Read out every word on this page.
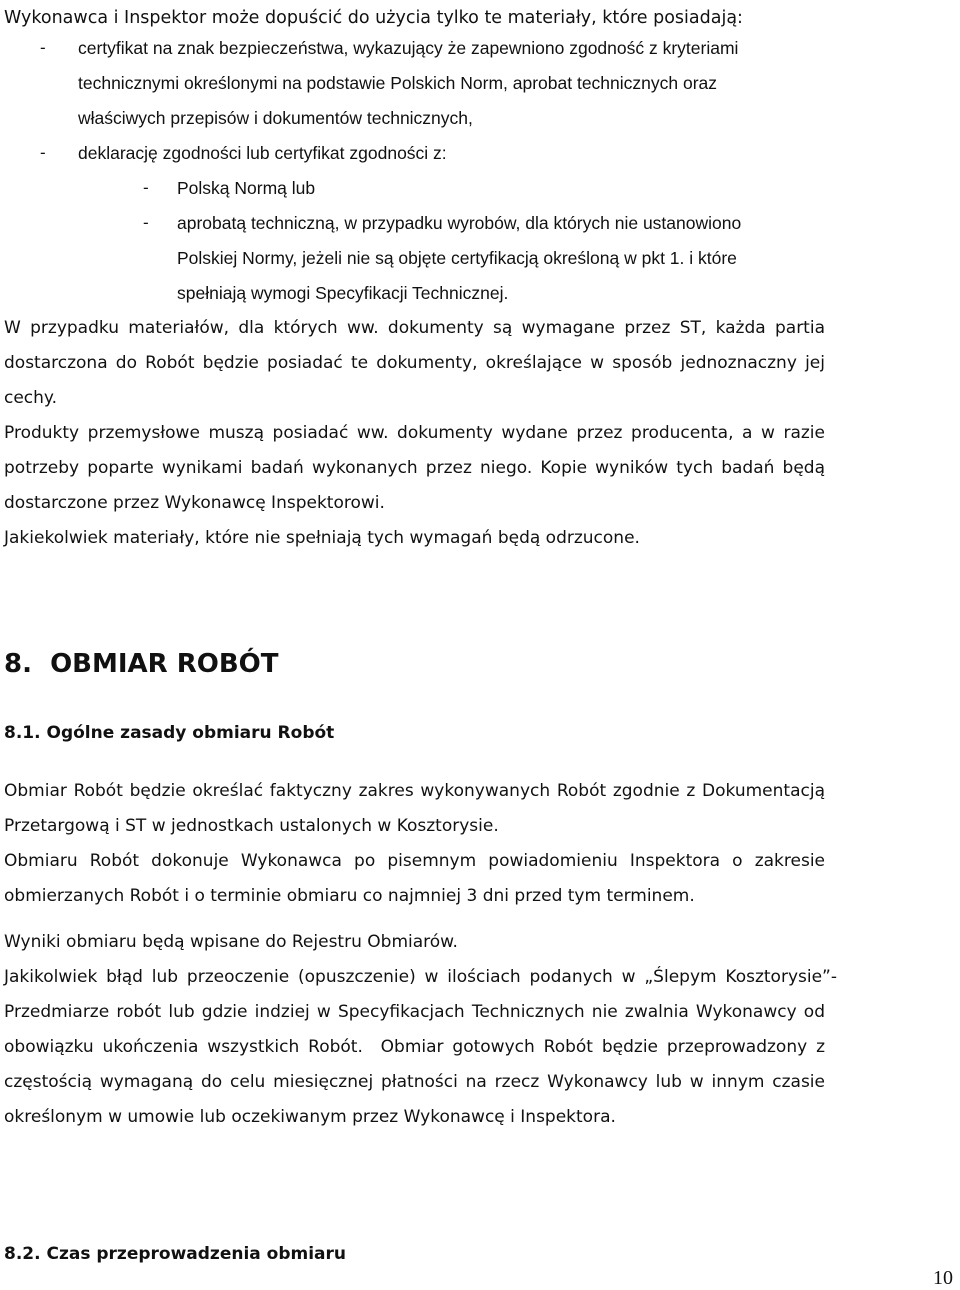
Wykonawca i Inspektor może dopuścić do użycia tylko te materiały, które posiadają:
- certyfikat na znak bezpieczeństwa, wykazujący że zapewniono zgodność z kryteriami
technicznymi określonymi na podstawie Polskich Norm, aprobat technicznych oraz
właściwych przepisów i dokumentów technicznych,
- deklarację zgodności lub certyfikat zgodności z:
- Polską Normą lub
- aprobatą techniczną, w przypadku wyrobów, dla których nie ustanowiono
Polskiej Normy, jeżeli nie są objęte certyfikacją określoną w pkt 1. i które
spełniają wymogi Specyfikacji Technicznej.
W przypadku materiałów, dla których ww. dokumenty są wymagane przez ST, każda partia
dostarczona do Robót będzie posiadać te dokumenty, określające w sposób jednoznaczny jej
cechy.
Produkty przemysłowe muszą posiadać ww. dokumenty wydane przez producenta, a w razie
potrzeby poparte wynikami badań wykonanych przez niego. Kopie wyników tych badań będą
dostarczone przez Wykonawcę Inspektorowi.
Jakiekolwiek materiały, które nie spełniają tych wymagań będą odrzucone.
8.  OBMIAR ROBÓT
8.1. Ogólne zasady obmiaru Robót
Obmiar Robót będzie określać faktyczny zakres wykonywanych Robót zgodnie z Dokumentacją
Przetargową i ST w jednostkach ustalonych w Kosztorysie.
Obmiaru Robót dokonuje Wykonawca po pisemnym powiadomieniu Inspektora o zakresie
obmierzanych Robót i o terminie obmiaru co najmniej 3 dni przed tym terminem.
Wyniki obmiaru będą wpisane do Rejestru Obmiarów.
Jakikolwiek błąd lub przeoczenie (opuszczenie) w ilościach podanych w „Ślepym Kosztorysie”-
Przedmiarze robót lub gdzie indziej w Specyfikacjach Technicznych nie zwalnia Wykonawcy od
obowiązku ukończenia wszystkich Robót.  Obmiar gotowych Robót będzie przeprowadzony z
częstością wymaganą do celu miesięcznej płatności na rzecz Wykonawcy lub w innym czasie
określonym w umowie lub oczekiwanym przez Wykonawcę i Inspektora.
8.2. Czas przeprowadzenia obmiaru
10
